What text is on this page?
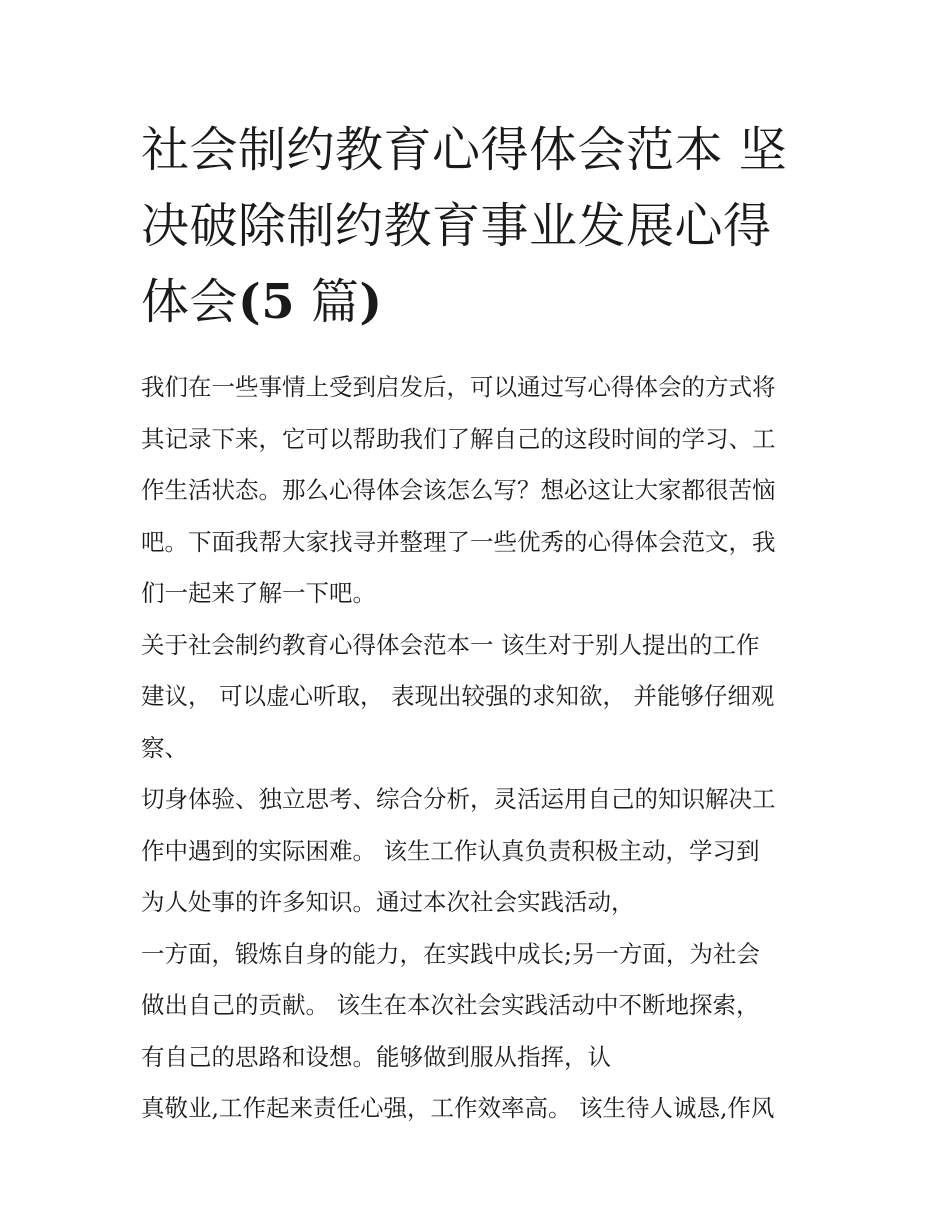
社会制约教育心得体会范本 坚
决破除制约教育事业发展心得
体会(5 篇)
我们在一些事情上受到启发后，可以通过写心得体会的方式将
其记录下来，它可以帮助我们了解自己的这段时间的学习、工
作生活状态。那么心得体会该怎么写？想必这让大家都很苦恼
吧。下面我帮大家找寻并整理了一些优秀的心得体会范文，我
们一起来了解一下吧。
关于社会制约教育心得体会范本一 该生对于别人提出的工作
建议， 可以虚心听取， 表现出较强的求知欲， 并能够仔细观
察、
切身体验、独立思考、综合分析，灵活运用自己的知识解决工
作中遇到的实际困难。 该生工作认真负责积极主动，学习到
为人处事的许多知识。通过本次社会实践活动，
一方面，锻炼自身的能力，在实践中成长;另一方面，为社会
做出自己的贡献。 该生在本次社会实践活动中不断地探索，
有自己的思路和设想。能够做到服从指挥，认
真敬业,工作起来责任心强，工作效率高。 该生待人诚恳,作风
